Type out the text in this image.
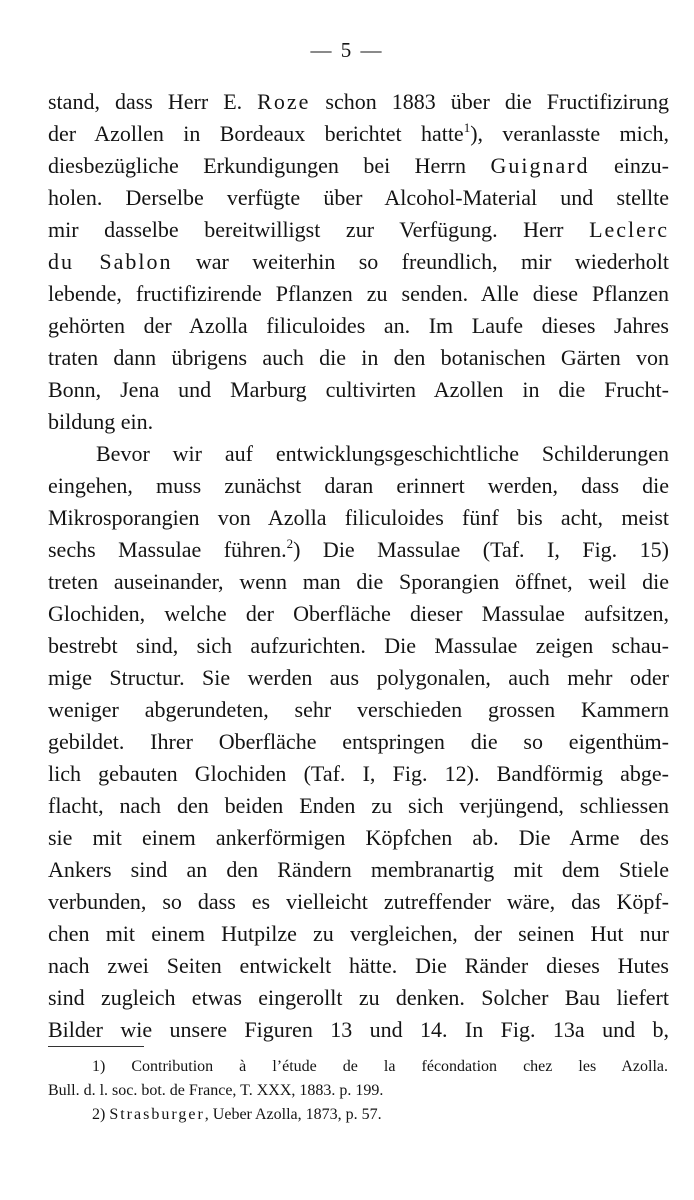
— 5 —
stand, dass Herr E. Roze schon 1883 über die Fructifizirung
der Azollen in Bordeaux berichtet hatte$^1$), veranlasste mich,
diesbezügliche Erkundigungen bei Herrn Guignard einzu-
holen. Derselbe verfügte über Alcohol-Material und stellte
mir dasselbe bereitwilligst zur Verfügung. Herr Leclerc
du Sablon war weiterhin so freundlich, mir wiederholt
lebende, fructifizirende Pflanzen zu senden. Alle diese Pflanzen
gehörten der Azolla filiculoides an. Im Laufe dieses Jahres
traten dann übrigens auch die in den botanischen Gärten von
Bonn, Jena und Marburg cultivirten Azollen in die Frucht-
bildung ein.
Bevor wir auf entwicklungsgeschichtliche Schilderungen
eingehen, muss zunächst daran erinnert werden, dass die
Mikrosporangien von Azolla filiculoides fünf bis acht, meist
sechs Massulae führen.$^2$) Die Massulae (Taf. I, Fig. 15)
treten auseinander, wenn man die Sporangien öffnet, weil die
Glochiden, welche der Oberfläche dieser Massulae aufsitzen,
bestrebt sind, sich aufzurichten. Die Massulae zeigen schau-
mige Structur. Sie werden aus polygonalen, auch mehr oder
weniger abgerundeten, sehr verschieden grossen Kammern
gebildet. Ihrer Oberfläche entspringen die so eigenthüm-
lich gebauten Glochiden (Taf. I, Fig. 12). Bandförmig abge-
flacht, nach den beiden Enden zu sich verjüngend, schliessen
sie mit einem ankerförmigen Köpfchen ab. Die Arme des
Ankers sind an den Rändern membranartig mit dem Stiele
verbunden, so dass es vielleicht zutreffender wäre, das Köpf-
chen mit einem Hutpilze zu vergleichen, der seinen Hut nur
nach zwei Seiten entwickelt hätte. Die Ränder dieses Hutes
sind zugleich etwas eingerollt zu denken. Solcher Bau liefert
Bilder wie unsere Figuren 13 und 14. In Fig. 13a und b,
1) Contribution à l’étude de la fécondation chez les Azolla.
Bull. d. l. soc. bot. de France, T. XXX, 1883. p. 199.
2) Strasburger, Ueber Azolla, 1873, p. 57.
